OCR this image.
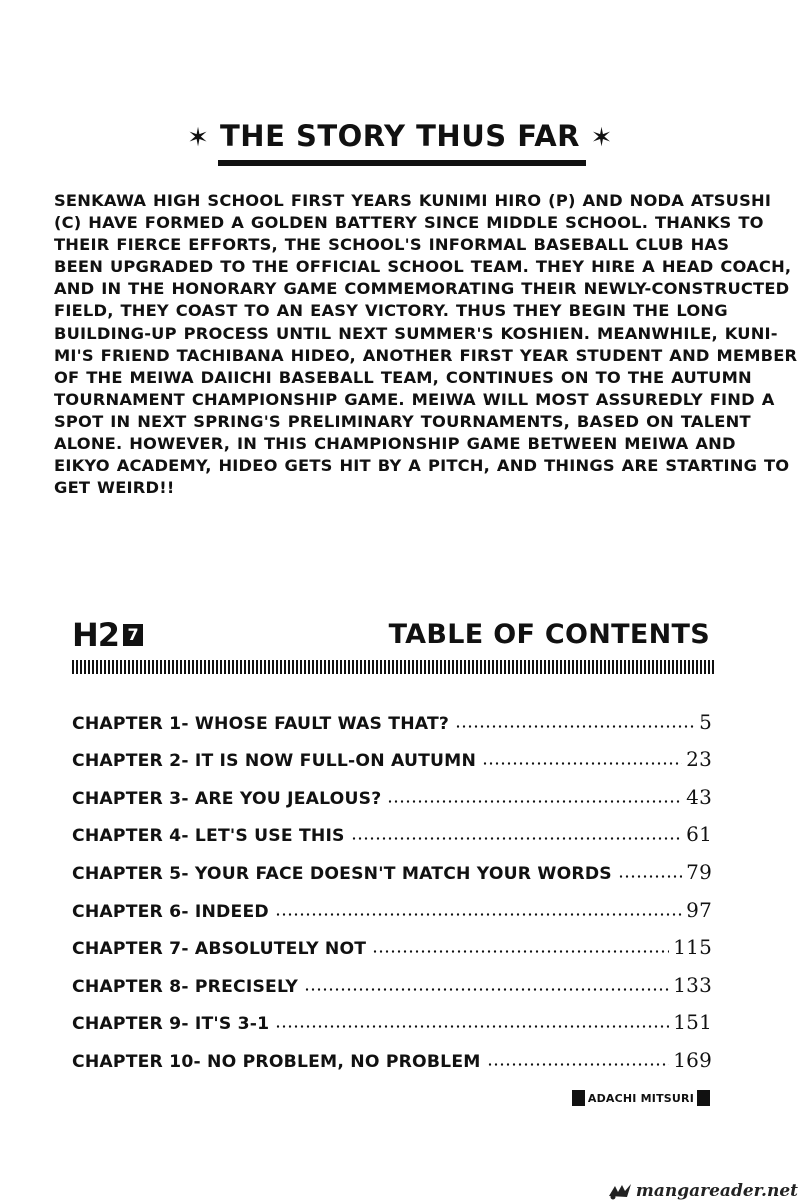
✶ THE STORY THUS FAR ✶
SENKAWA HIGH SCHOOL FIRST YEARS KUNIMI HIRO (P) AND NODA ATSUSHI
(C) HAVE FORMED A GOLDEN BATTERY SINCE MIDDLE SCHOOL. THANKS TO
THEIR FIERCE EFFORTS, THE SCHOOL'S INFORMAL BASEBALL CLUB HAS
BEEN UPGRADED TO THE OFFICIAL SCHOOL TEAM. THEY HIRE A HEAD COACH,
AND IN THE HONORARY GAME COMMEMORATING THEIR NEWLY-CONSTRUCTED
FIELD, THEY COAST TO AN EASY VICTORY. THUS THEY BEGIN THE LONG
BUILDING-UP PROCESS UNTIL NEXT SUMMER'S KOSHIEN. MEANWHILE, KUNI-
MI'S FRIEND TACHIBANA HIDEO, ANOTHER FIRST YEAR STUDENT AND MEMBER
OF THE MEIWA DAIICHI BASEBALL TEAM, CONTINUES ON TO THE AUTUMN
TOURNAMENT CHAMPIONSHIP GAME. MEIWA WILL MOST ASSUREDLY FIND A
SPOT IN NEXT SPRING'S PRELIMINARY TOURNAMENTS, BASED ON TALENT
ALONE. HOWEVER, IN THIS CHAMPIONSHIP GAME BETWEEN MEIWA AND
EIKYO ACADEMY, HIDEO GETS HIT BY A PITCH, AND THINGS ARE STARTING TO
GET WEIRD!!
H2 7	TABLE OF CONTENTS
CHAPTER 1- WHOSE FAULT WAS THAT?	5
CHAPTER 2- IT IS NOW FULL-ON AUTUMN	23
CHAPTER 3- ARE YOU JEALOUS?	43
CHAPTER 4- LET'S USE THIS	61
CHAPTER 5- YOUR FACE DOESN'T MATCH YOUR WORDS	79
CHAPTER 6- INDEED	97
CHAPTER 7- ABSOLUTELY NOT	115
CHAPTER 8- PRECISELY	133
CHAPTER 9- IT'S 3-1	151
CHAPTER 10- NO PROBLEM, NO PROBLEM	169
ADACHI MITSURI
mangareader.net
